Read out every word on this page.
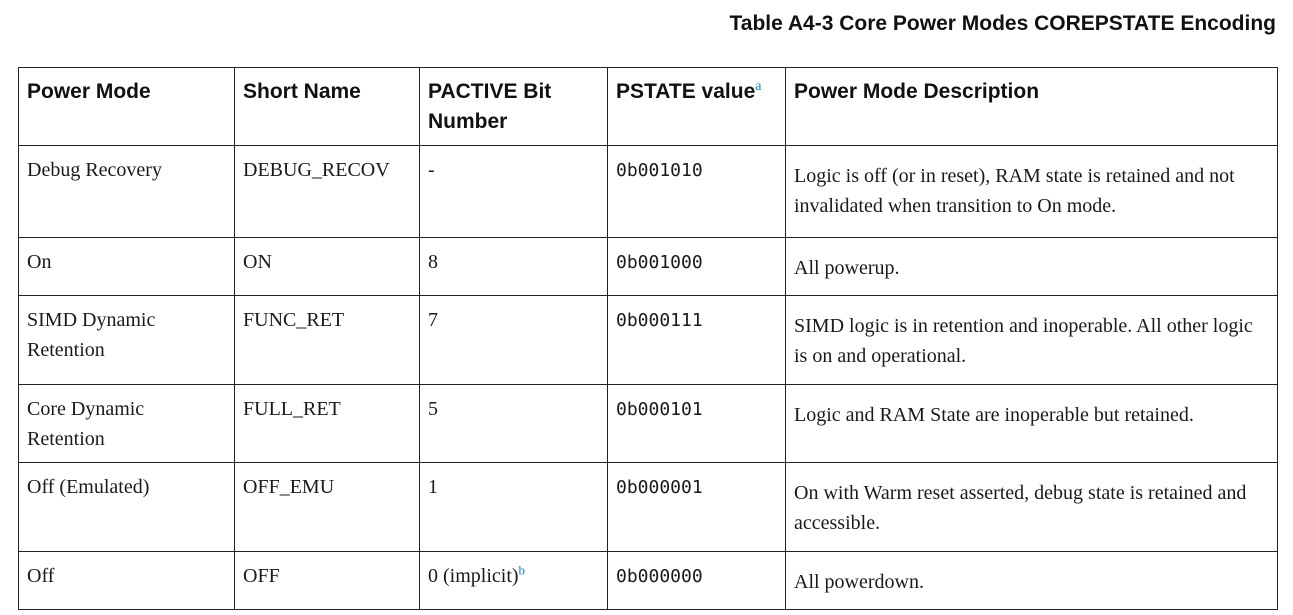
Table A4-3 Core Power Modes COREPSTATE Encoding
Power Mode	Short Name	PACTIVE Bit Number	PSTATE value$^a$	Power Mode Description
Debug Recovery	DEBUG_RECOV	-	0b001010	Logic is off (or in reset), RAM state is retained and not invalidated when transition to On mode.
On	ON	8	0b001000	All powerup.
SIMD Dynamic Retention	FUNC_RET	7	0b000111	SIMD logic is in retention and inoperable. All other logic is on and operational.
Core Dynamic Retention	FULL_RET	5	0b000101	Logic and RAM State are inoperable but retained.
Off (Emulated)	OFF_EMU	1	0b000001	On with Warm reset asserted, debug state is retained and accessible.
Off	OFF	0 (implicit)$^b$	0b000000	All powerdown.
